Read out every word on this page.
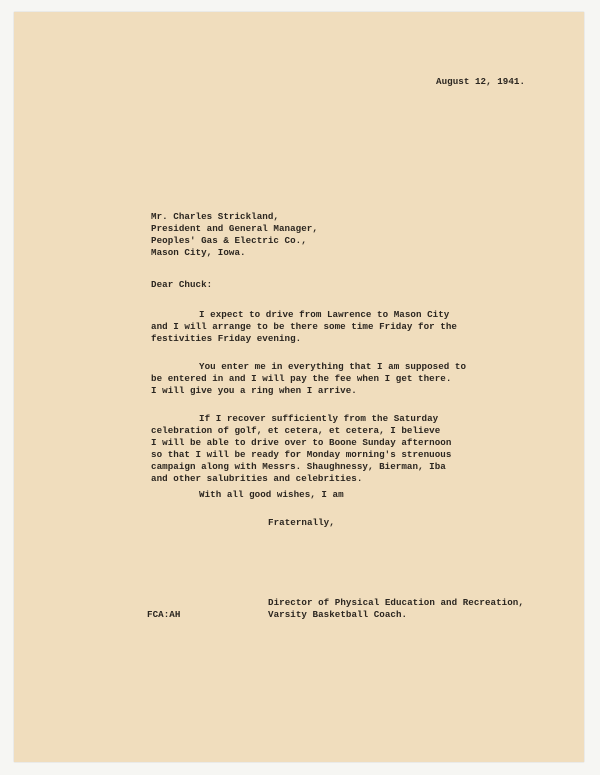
August 12, 1941.
Mr. Charles Strickland,
President and General Manager,
Peoples' Gas & Electric Co.,
Mason City, Iowa.
Dear Chuck:
I expect to drive from Lawrence to Mason City
and I will arrange to be there some time Friday for the
festivities Friday evening.
You enter me in everything that I am supposed to
be entered in and I will pay the fee when I get there.
I will give you a ring when I arrive.
If I recover sufficiently from the Saturday
celebration of golf, et cetera, et cetera, I believe
I will be able to drive over to Boone Sunday afternoon
so that I will be ready for Monday morning's strenuous
campaign along with Messrs. Shaughnessy, Bierman, Iba
and other salubrities and celebrities.
With all good wishes, I am
Fraternally,
Director of Physical Education and Recreation,
Varsity Basketball Coach.
FCA:AH
